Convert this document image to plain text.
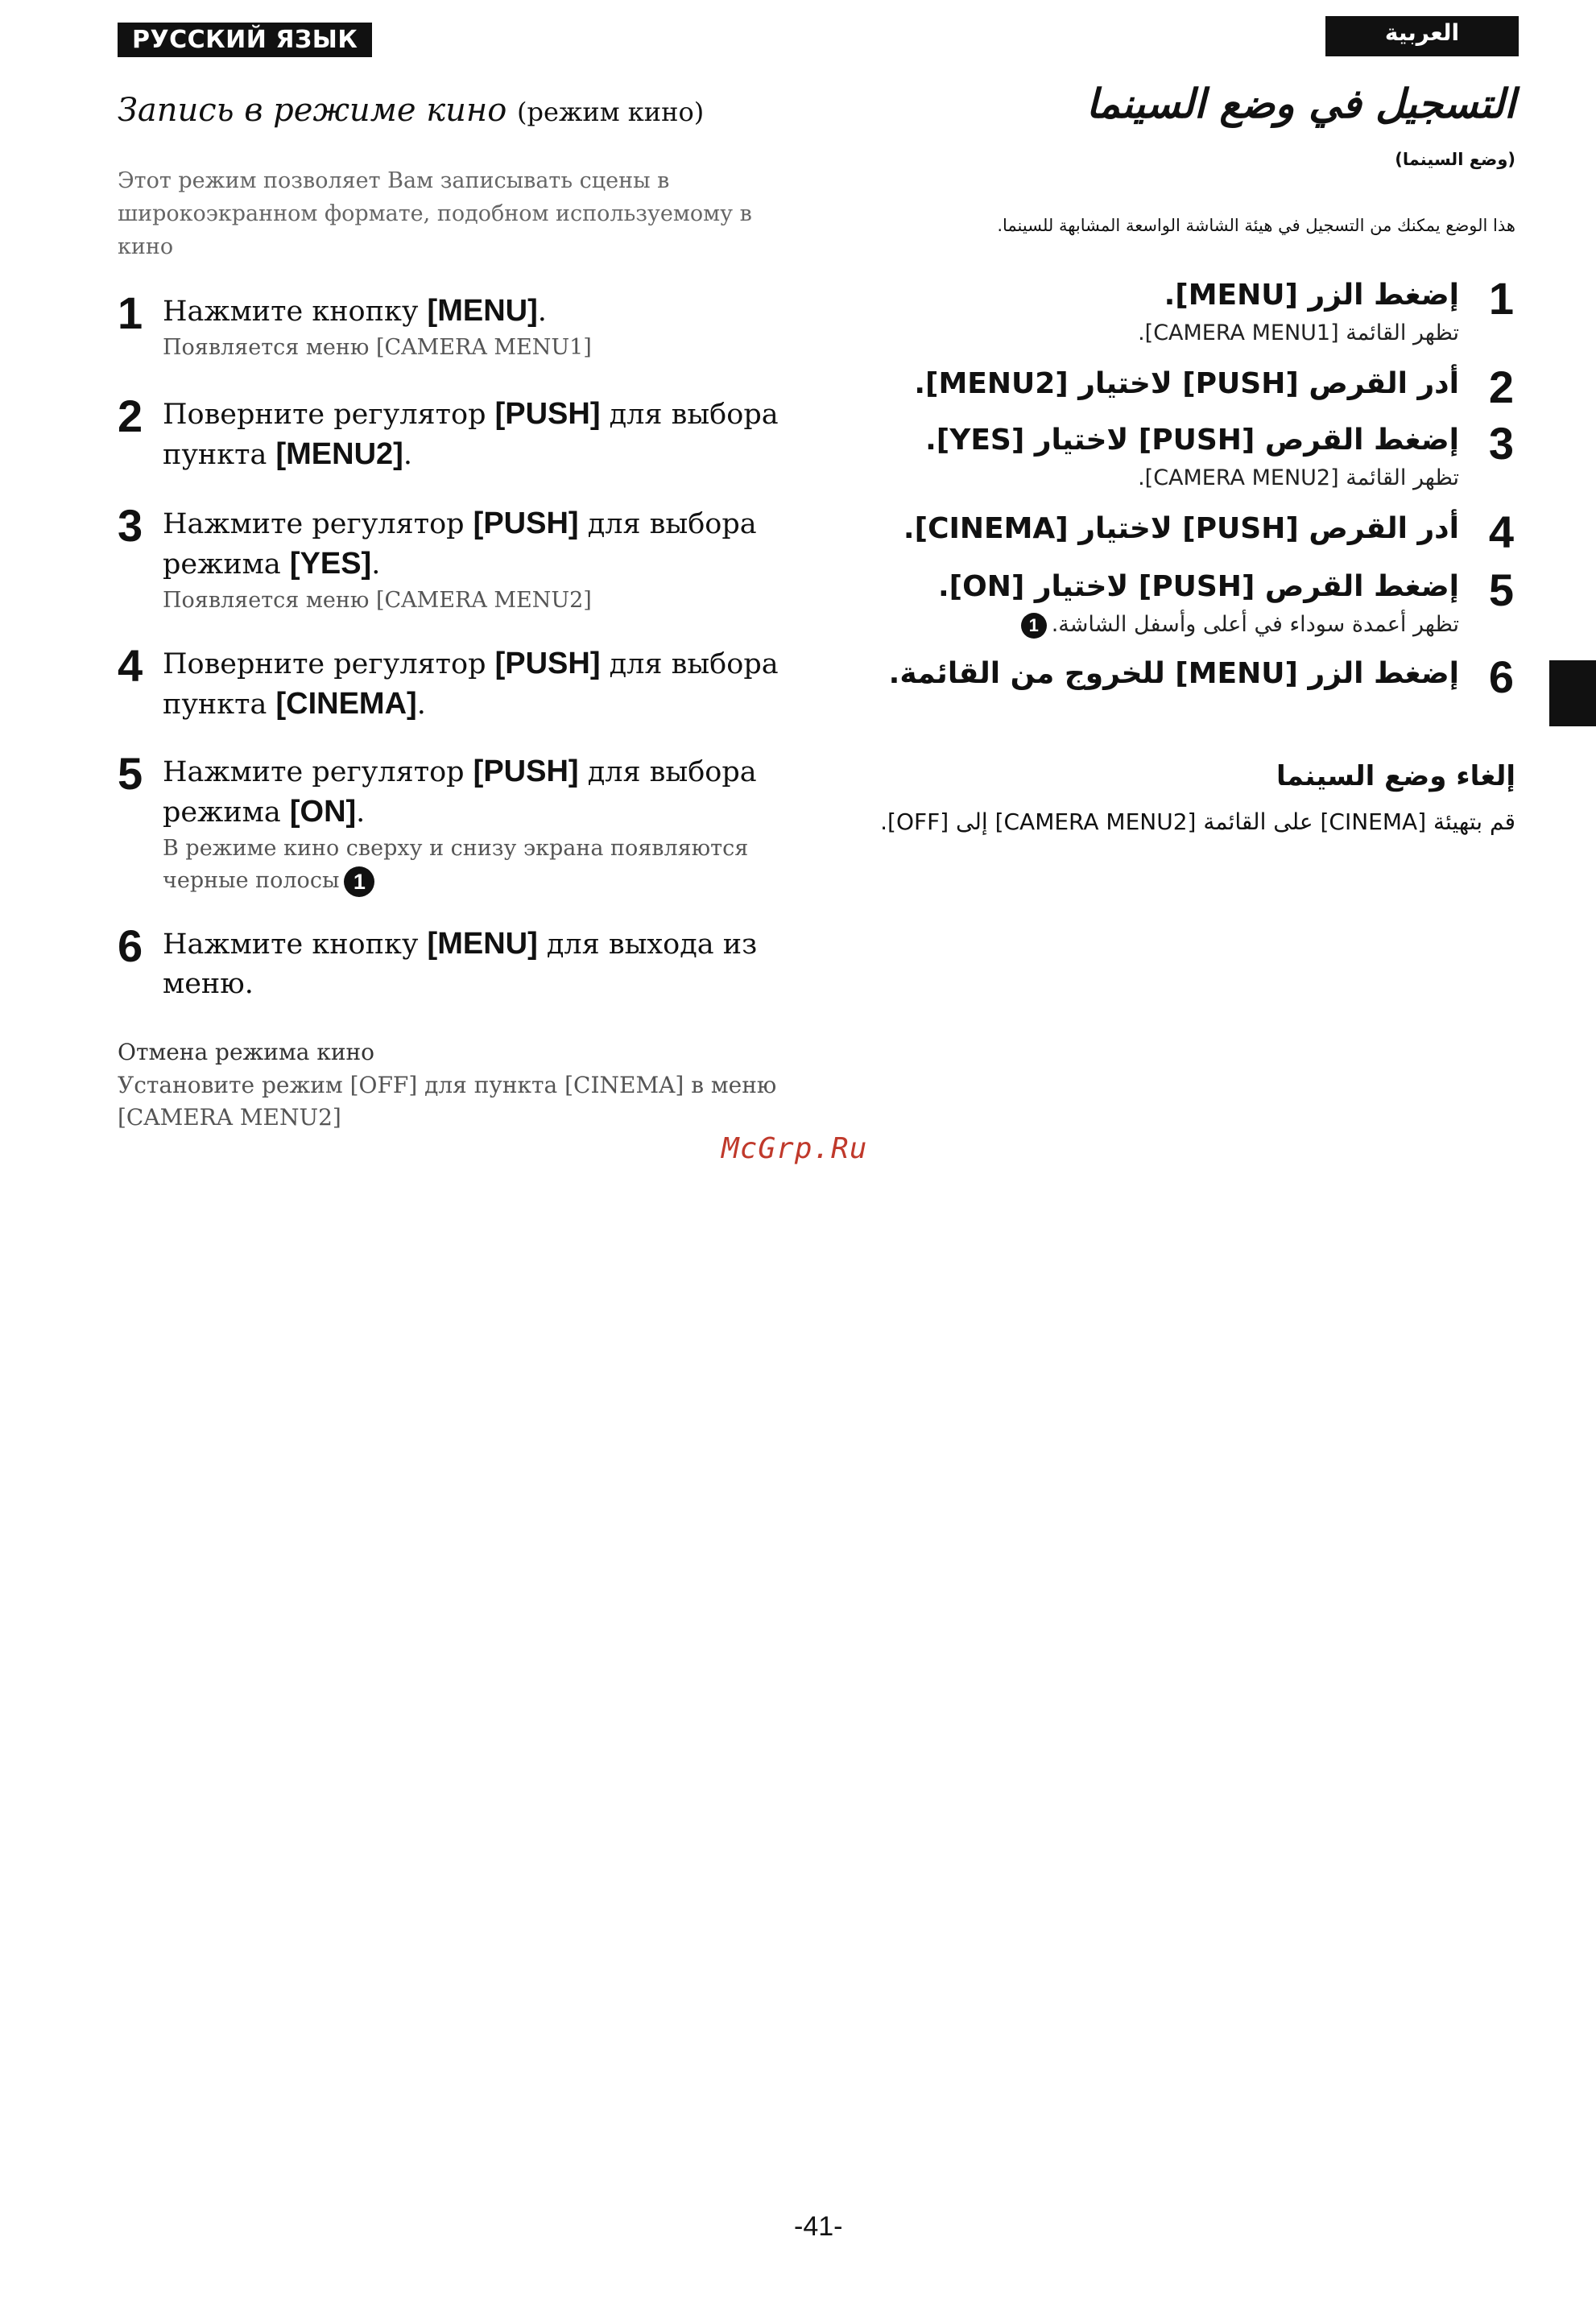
РУССКИЙ ЯЗЫК
Запись в режиме кино (режим кино)
Этот режим позволяет Вам записывать сцены в широкоэкранном формате, подобном используемому в кино
1 Нажмите кнопку [MENU].
Появляется меню [CAMERA MENU1]
2 Поверните регулятор [PUSH] для выбора пункта [MENU2].
3 Нажмите регулятор [PUSH] для выбора режима [YES].
Появляется меню [CAMERA MENU2]
4 Поверните регулятор [PUSH] для выбора пункта [CINEMA].
5 Нажмите регулятор [PUSH] для выбора режима [ON].
В режиме кино сверху и снизу экрана появляются черные полосы 1
6 Нажмите кнопку [MENU] для выхода из меню.
Отмена режима кино
Установите режим [OFF] для пункта [CINEMA] в меню [CAMERA MENU2]
العربية
التسجيل في وضع السينما
(وضع السينما)
هذا الوضع يمكنك من التسجيل في هيئة الشاشة الواسعة المشابهة للسينما.
1
إضغط الزر [MENU].
تظهر القائمة [CAMERA MENU1].
2
أدر القرص [PUSH] لاختيار [MENU2].
3
إضغط القرص [PUSH] لاختيار [YES].
تظهر القائمة [CAMERA MENU2].
4
أدر القرص [PUSH] لاختيار [CINEMA].
5
إضغط القرص [PUSH] لاختيار [ON].
تظهر أعمدة سوداء في أعلى وأسفل الشاشة.1
6
إضغط الزر [MENU] للخروج من القائمة.
إلغاء وضع السينما
قم بتهيئة [CINEMA] على القائمة [CAMERA MENU2] إلى [OFF].
McGrp.Ru
-41-
